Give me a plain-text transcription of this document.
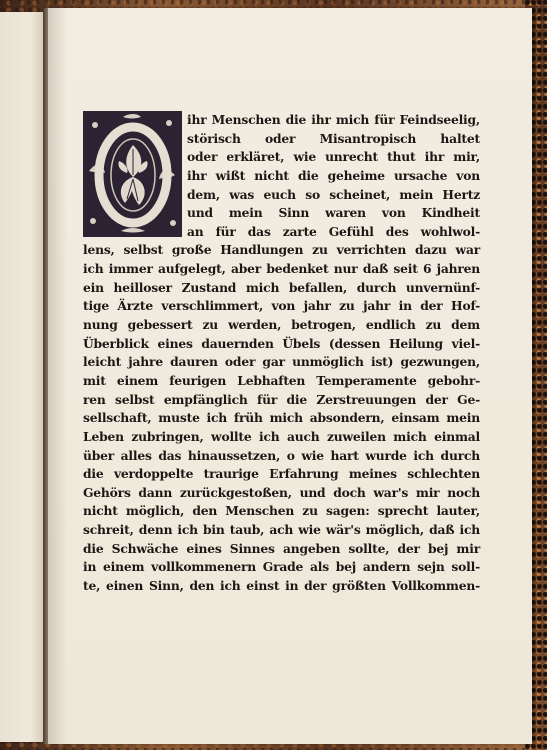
ihr Menschen die ihr mich für Feindseelig,
störisch oder Misantropisch haltet
oder erkläret, wie unrecht thut ihr mir,
ihr wißt nicht die geheime ursache von
dem, was euch so scheinet, mein Hertz
und mein Sinn waren von Kindheit
an für das zarte Gefühl des wohlwol-
lens, selbst große Handlungen zu verrichten dazu war
ich immer aufgelegt, aber bedenket nur daß seit 6 jahren
ein heilloser Zustand mich befallen, durch unvernünf-
tige Ärzte verschlimmert, von jahr zu jahr in der Hof-
nung gebessert zu werden, betrogen, endlich zu dem
Überblick eines dauernden Übels (dessen Heilung viel-
leicht jahre dauren oder gar unmöglich ist) gezwungen,
mit einem feurigen Lebhaften Temperamente gebohr-
ren selbst empfänglich für die Zerstreuungen der Ge-
sellschaft, muste ich früh mich absondern, einsam mein
Leben zubringen, wollte ich auch zuweilen mich einmal
über alles das hinaussetzen, o wie hart wurde ich durch
die verdoppelte traurige Erfahrung meines schlechten
Gehörs dann zurückgestoßen, und doch war's mir noch
nicht möglich, den Menschen zu sagen: sprecht lauter,
schreit, denn ich bin taub, ach wie wär's möglich, daß ich
die Schwäche eines Sinnes angeben sollte, der bej mir
in einem vollkommenern Grade als bej andern sejn soll-
te, einen Sinn, den ich einst in der größten Vollkommen-
